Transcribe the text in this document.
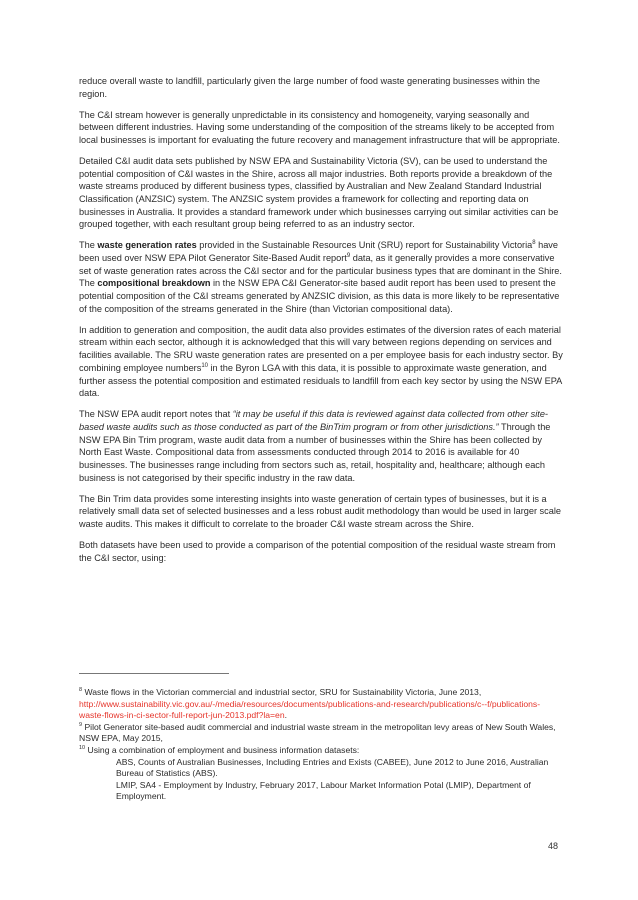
reduce overall waste to landfill, particularly given the large number of food waste generating businesses within the region.

The C&I stream however is generally unpredictable in its consistency and homogeneity, varying seasonally and between different industries. Having some understanding of the composition of the streams likely to be accepted from local businesses is important for evaluating the future recovery and management infrastructure that will be appropriate.

Detailed C&I audit data sets published by NSW EPA and Sustainability Victoria (SV), can be used to understand the potential composition of C&I wastes in the Shire, across all major industries. Both reports provide a breakdown of the waste streams produced by different business types, classified by Australian and New Zealand Standard Industrial Classification (ANZSIC) system. The ANZSIC system provides a framework for collecting and reporting data on businesses in Australia. It provides a standard framework under which businesses carrying out similar activities can be grouped together, with each resultant group being referred to as an industry sector.

The waste generation rates provided in the Sustainable Resources Unit (SRU) report for Sustainability Victoria$^8$ have been used over NSW EPA Pilot Generator Site-Based Audit report$^9$ data, as it generally provides a more conservative set of waste generation rates across the C&I sector and for the particular business types that are dominant in the Shire. The compositional breakdown in the NSW EPA C&I Generator-site based audit report has been used to present the potential composition of the C&I streams generated by ANZSIC division, as this data is more likely to be representative of the composition of the streams generated in the Shire (than Victorian compositional data).

In addition to generation and composition, the audit data also provides estimates of the diversion rates of each material stream within each sector, although it is acknowledged that this will vary between regions depending on services and facilities available. The SRU waste generation rates are presented on a per employee basis for each industry sector. By combining employee numbers$^{10}$ in the Byron LGA with this data, it is possible to approximate waste generation, and further assess the potential composition and estimated residuals to landfill from each key sector by using the NSW EPA data.

The NSW EPA audit report notes that “it may be useful if this data is reviewed against data collected from other site-based waste audits such as those conducted as part of the BinTrim program or from other jurisdictions.” Through the NSW EPA Bin Trim program, waste audit data from a number of businesses within the Shire has been collected by North East Waste. Compositional data from assessments conducted through 2014 to 2016 is available for 40 businesses. The businesses range including from sectors such as, retail, hospitality and, healthcare; although each business is not categorised by their specific industry in the raw data.

The Bin Trim data provides some interesting insights into waste generation of certain types of businesses, but it is a relatively small data set of selected businesses and a less robust audit methodology than would be used in larger scale waste audits. This makes it difficult to correlate to the broader C&I waste stream across the Shire.

Both datasets have been used to provide a comparison of the potential composition of the residual waste stream from the C&I sector, using:

$^8$ Waste flows in the Victorian commercial and industrial sector, SRU for Sustainability Victoria, June 2013, http://www.sustainability.vic.gov.au/-/media/resources/documents/publications-and-research/publications/c--f/publications-waste-flows-in-ci-sector-full-report-jun-2013.pdf?la=en.

$^9$ Pilot Generator site-based audit commercial and industrial waste stream in the metropolitan levy areas of New South Wales, NSW EPA, May 2015,

$^{10}$ Using a combination of employment and business information datasets:

ABS, Counts of Australian Businesses, Including Entries and Exists (CABEE), June 2012 to June 2016, Australian Bureau of Statistics (ABS).

LMIP, SA4 - Employment by Industry, February 2017, Labour Market Information Potal (LMIP), Department of Employment.

48
